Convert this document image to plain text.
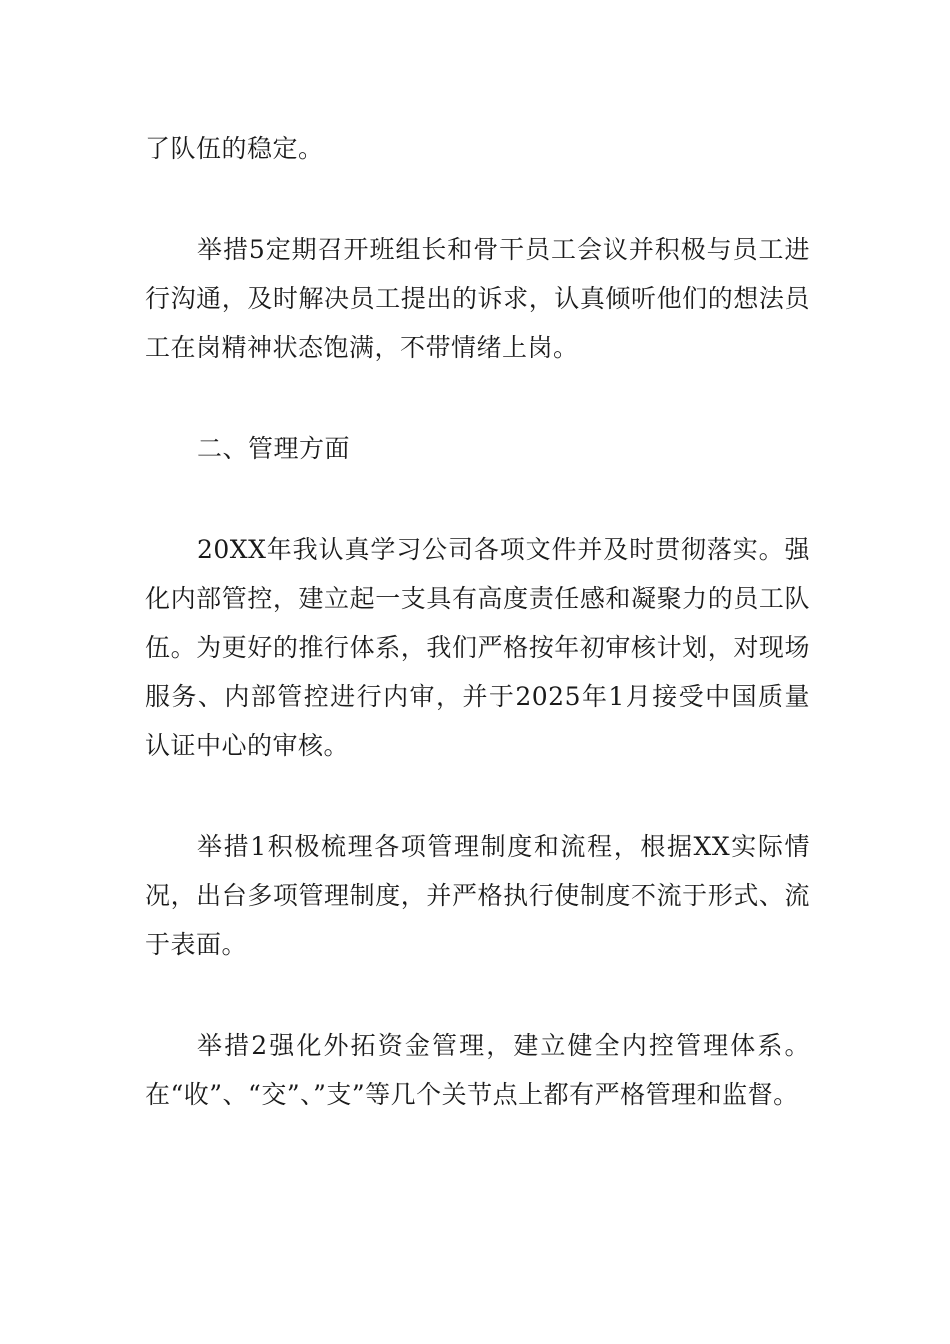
了队伍的稳定。

举措5定期召开班组长和骨干员工会议并积极与员工进行沟通，及时解决员工提出的诉求，认真倾听他们的想法员工在岗精神状态饱满，不带情绪上岗。

二、管理方面

20XX年我认真学习公司各项文件并及时贯彻落实。强化内部管控，建立起一支具有高度责任感和凝聚力的员工队伍。为更好的推行体系，我们严格按年初审核计划，对现场服务、内部管控进行内审，并于2025年1月接受中国质量认证中心的审核。

举措1积极梳理各项管理制度和流程，根据XX实际情况，出台多项管理制度，并严格执行使制度不流于形式、流于表面。

举措2强化外拓资金管理，建立健全内控管理体系。在“收”、“交”、”支”等几个关节点上都有严格管理和监督。
